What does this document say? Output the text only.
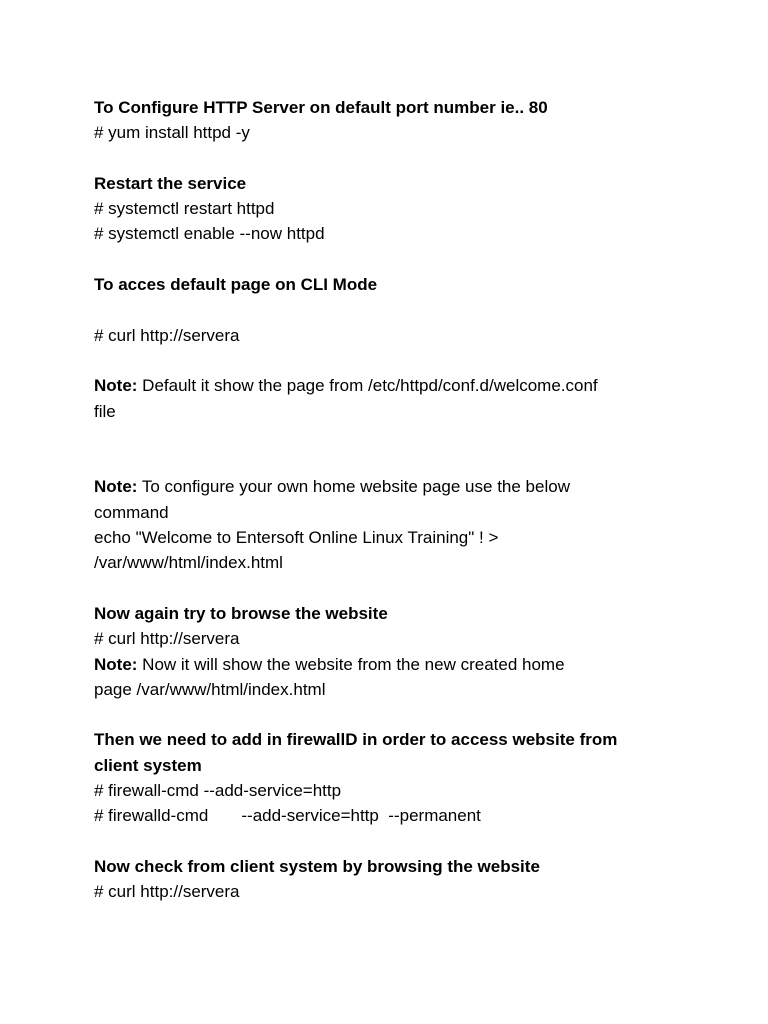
To Configure HTTP Server on default port number ie.. 80

# yum install httpd -y

Restart the service

# systemctl restart httpd

# systemctl enable --now httpd

To acces default page on CLI Mode

# curl http://servera

Note: Default it show the page from /etc/httpd/conf.d/welcome.conf

file

Note: To configure your own home website page use the below

command

echo "Welcome to Entersoft Online Linux Training" ! >

/var/www/html/index.html

Now again try to browse the website

# curl http://servera

Note: Now it will show the website from the new created home

page /var/www/html/index.html

Then we need to add in firewallD in order to access website from

client system

# firewall-cmd --add-service=http

# firewalld-cmd       --add-service=http  --permanent

Now check from client system by browsing the website

# curl http://servera
